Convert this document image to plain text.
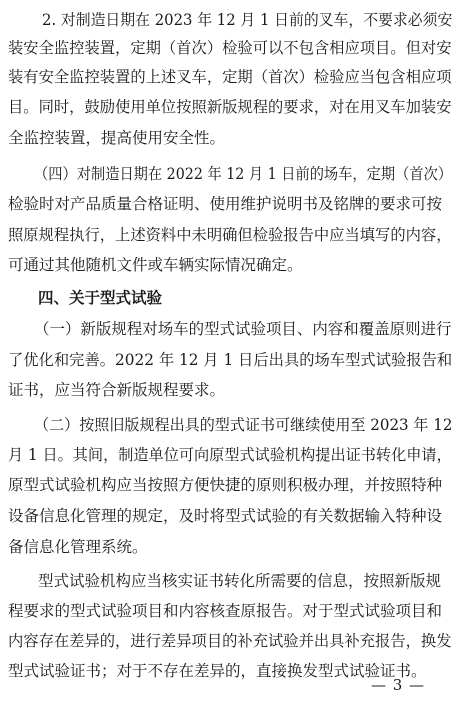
2. 对制造日期在 2023 年 12 月 1 日前的叉车，不要求必须安
装安全监控装置，定期（首次）检验可以不包含相应项目。但对安
装有安全监控装置的上述叉车，定期（首次）检验应当包含相应项
目。同时，鼓励使用单位按照新版规程的要求，对在用叉车加装安
全监控装置，提高使用安全性。
（四）对制造日期在 2022 年 12 月 1 日前的场车，定期（首次）
检验时对产品质量合格证明、使用维护说明书及铭牌的要求可按
照原规程执行，上述资料中未明确但检验报告中应当填写的内容，
可通过其他随机文件或车辆实际情况确定。
四、关于型式试验
（一）新版规程对场车的型式试验项目、内容和覆盖原则进行
了优化和完善。2022 年 12 月 1 日后出具的场车型式试验报告和
证书，应当符合新版规程要求。
（二）按照旧版规程出具的型式证书可继续使用至 2023 年 12
月 1 日。其间，制造单位可向原型式试验机构提出证书转化申请，
原型式试验机构应当按照方便快捷的原则积极办理，并按照特种
设备信息化管理的规定，及时将型式试验的有关数据输入特种设
备信息化管理系统。
型式试验机构应当核实证书转化所需要的信息，按照新版规
程要求的型式试验项目和内容核查原报告。对于型式试验项目和
内容存在差异的，进行差异项目的补充试验并出具补充报告，换发
型式试验证书；对于不存在差异的，直接换发型式试验证书。
— 3 —
